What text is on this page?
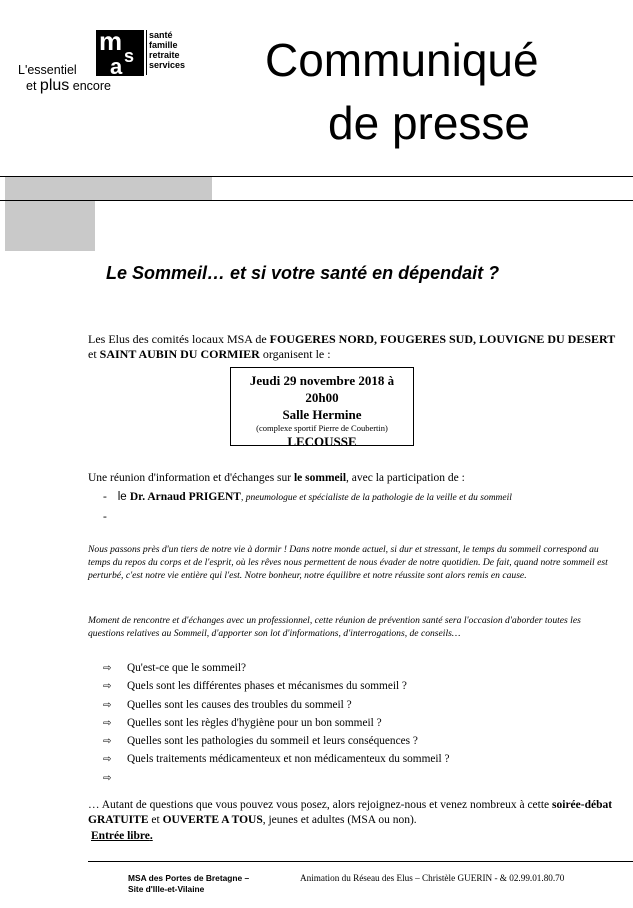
m s
a
santé
famille
retraite
services
L'essentiel
et plus encore	Communiqué
de presse
Le Sommeil… et si votre santé en dépendait ?
Les Elus des comités locaux MSA de FOUGERES NORD, FOUGERES SUD, LOUVIGNE DU DESERT et SAINT AUBIN DU CORMIER organisent le :
Jeudi 29 novembre 2018 à
20h00
Salle Hermine
(complexe sportif Pierre de Coubertin)
LECOUSSE
Une réunion d'information et d'échanges sur le sommeil, avec la participation de :
- le Dr. Arnaud PRIGENT, pneumologue et spécialiste de la pathologie de la veille et du sommeil
-
Nous passons près d'un tiers de notre vie à dormir ! Dans notre monde actuel, si dur et stressant, le temps du sommeil correspond au temps du repos du corps et de l'esprit, où les rêves nous permettent de nous évader de notre quotidien. De fait, quand notre sommeil est perturbé, c'est notre vie entière qui l'est. Notre bonheur, notre équilibre et notre réussite sont alors remis en cause.
Moment de rencontre et d'échanges avec un professionnel, cette réunion de prévention santé sera l'occasion d'aborder toutes les questions relatives au Sommeil, d'apporter son lot d'informations, d'interrogations, de conseils…
⇨ Qu'est-ce que le sommeil?
⇨ Quels sont les différentes phases et mécanismes du sommeil ?
⇨ Quelles sont les causes des troubles du sommeil ?
⇨ Quelles sont les règles d'hygiène pour un bon sommeil ?
⇨ Quelles sont les pathologies du sommeil et leurs conséquences ?
⇨ Quels traitements médicamenteux et non médicamenteux du sommeil ?
⇨
… Autant de questions que vous pouvez vous posez, alors rejoignez-nous et venez nombreux à cette soirée-débat GRATUITE et OUVERTE A TOUS, jeunes et adultes (MSA ou non).
Entrée libre.
MSA des Portes de Bretagne –
Site d'Ille-et-Vilaine
Animation du Réseau des Elus – Christèle GUERIN - & 02.99.01.80.70
